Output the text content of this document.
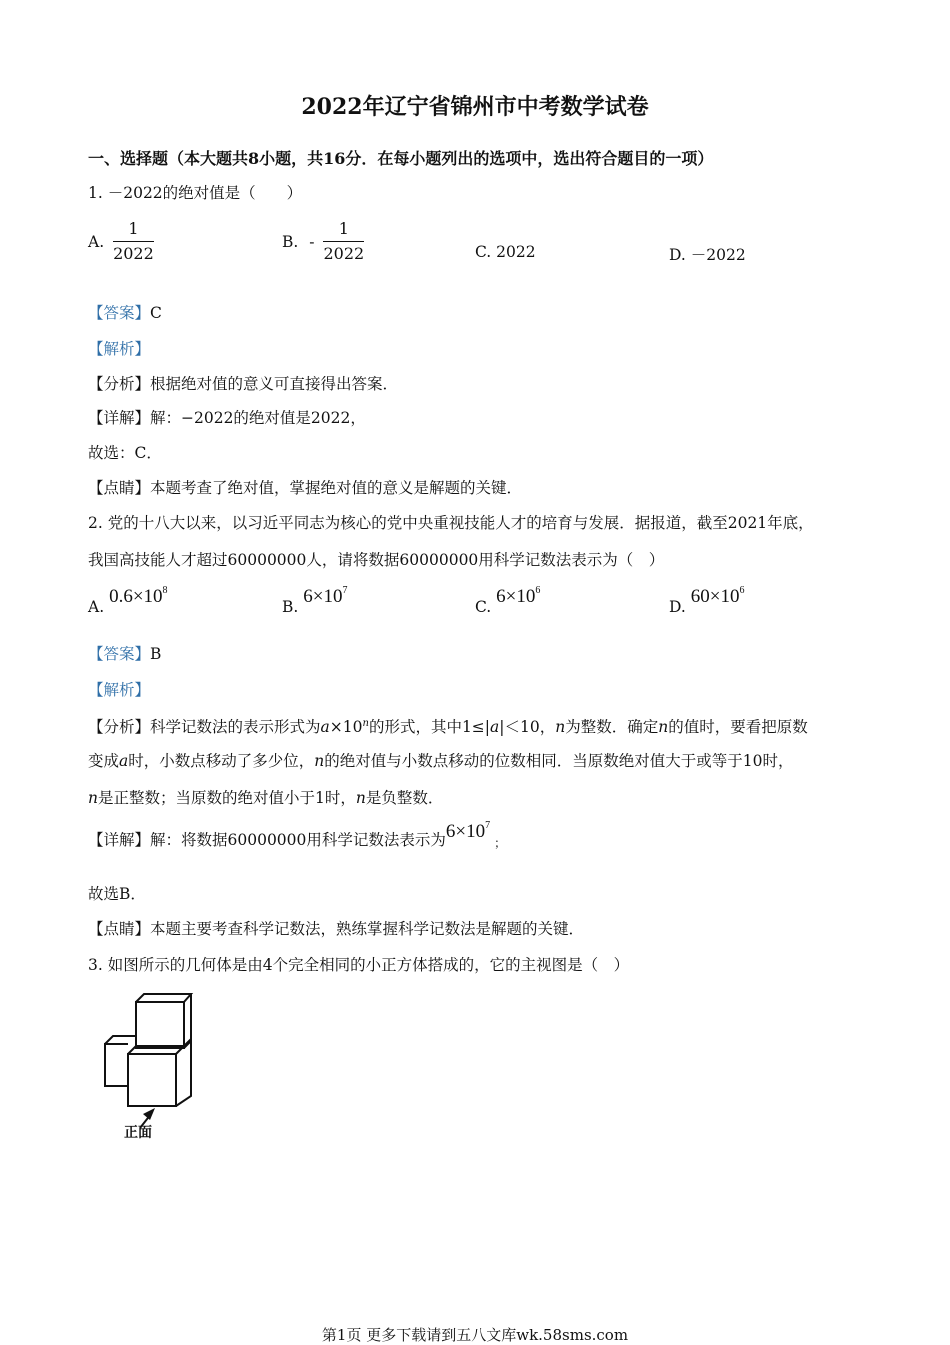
2022年辽宁省锦州市中考数学试卷
一、选择题（本大题共8小题，共16分．在每小题列出的选项中，选出符合题目的一项）
1. －2022的绝对值是（　　）
A. $\frac{1}{2022}$	B. - $\frac{1}{2022}$	C. 2022	D. －2022
【答案】C
【解析】
【分析】根据绝对值的意义可直接得出答案．
【详解】解：−2022的绝对值是2022，
故选：C．
【点睛】本题考查了绝对值，掌握绝对值的意义是解题的关键．
2. 党的十八大以来，以习近平同志为核心的党中央重视技能人才的培育与发展．据报道，截至2021年底，
我国高技能人才超过60000000人，请将数据60000000用科学记数法表示为（　）
A. $0.6\times 10^8$
B. $6\times 10^7$
C. $6\times 10^6$
D. $60\times 10^6$
【答案】B
【解析】
【分析】科学记数法的表示形式为$a\times 10^n$的形式，其中1≤|a|＜10，n为整数．确定n的值时，要看把原数
变成a时，小数点移动了多少位，n的绝对值与小数点移动的位数相同．当原数绝对值大于或等于10时，
n是正整数；当原数的绝对值小于1时，n是负整数．
【详解】解：将数据60000000用科学记数法表示为$6\times 10^7_;$
故选B．
【点睛】本题主要考查科学记数法，熟练掌握科学记数法是解题的关键．
3. 如图所示的几何体是由4个完全相同的小正方体搭成的，它的主视图是（　）
正面
第1页 更多下载请到五八文库wk.58sms.com
